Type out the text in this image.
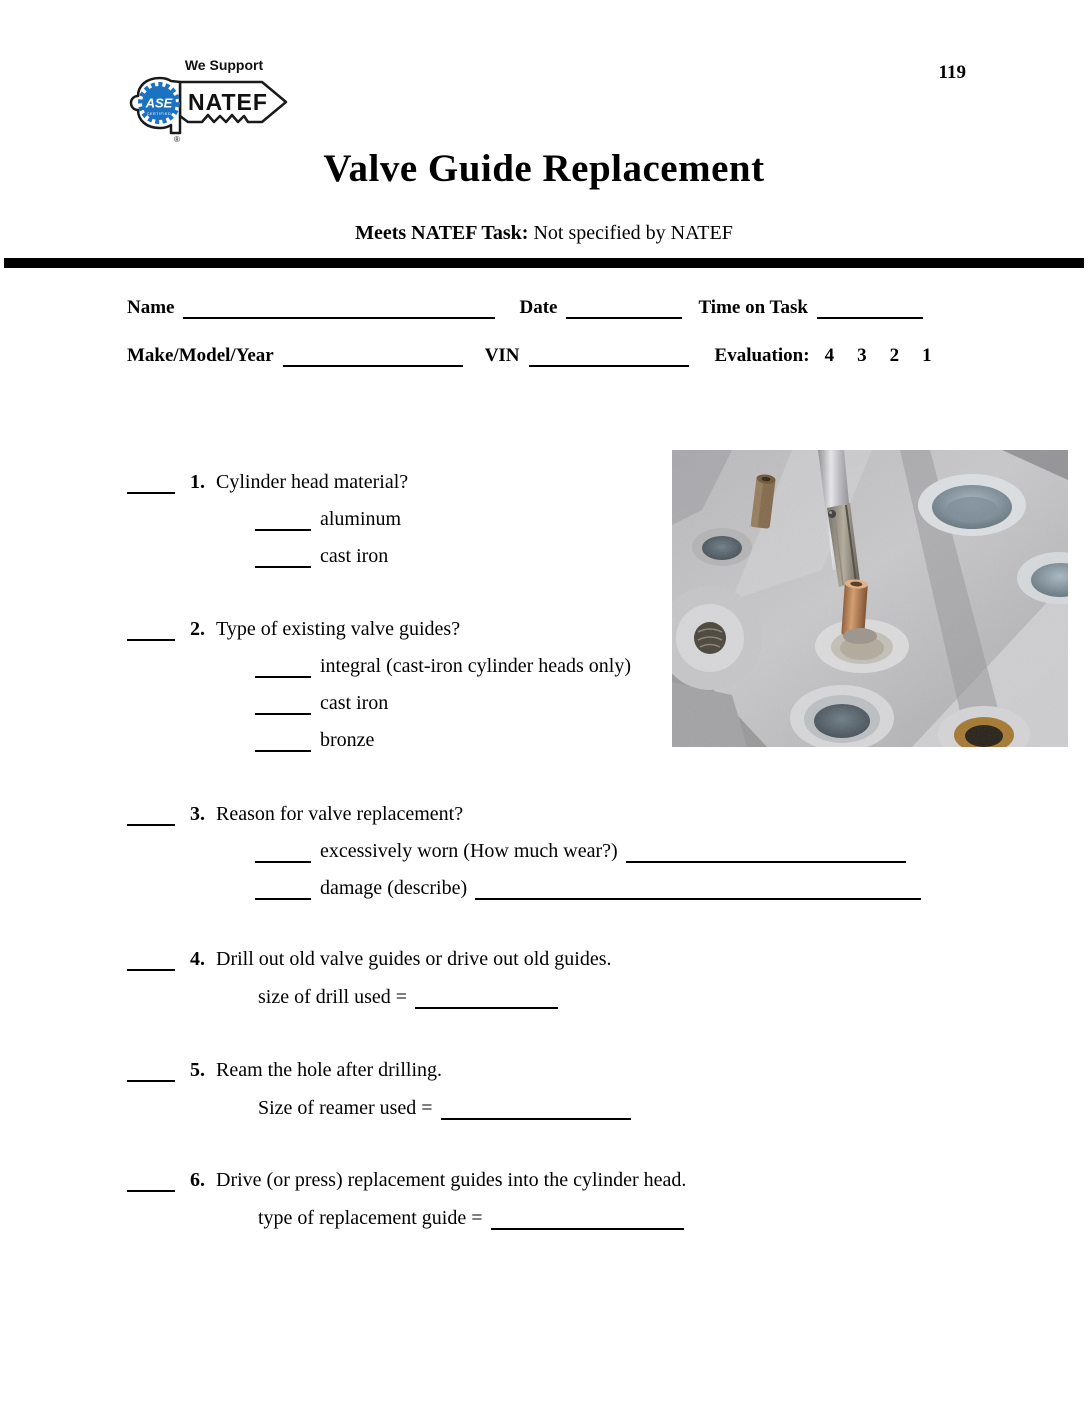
119
ASE
CERTIFIED
We Support
NATEF
®
Valve Guide Replacement
Meets NATEF Task: Not specified by NATEF
Name	Date	Time on Task
Make/Model/Year	VIN	Evaluation: 4 3 2 1
1. Cylinder head material?
aluminum
cast iron
2. Type of existing valve guides?
integral (cast-iron cylinder heads only)
cast iron
bronze
3. Reason for valve replacement?
excessively worn (How much wear?)
damage (describe)
4. Drill out old valve guides or drive out old guides.
size of drill used =
5. Ream the hole after drilling.
Size of reamer used =
6. Drive (or press) replacement guides into the cylinder head.
type of replacement guide =
